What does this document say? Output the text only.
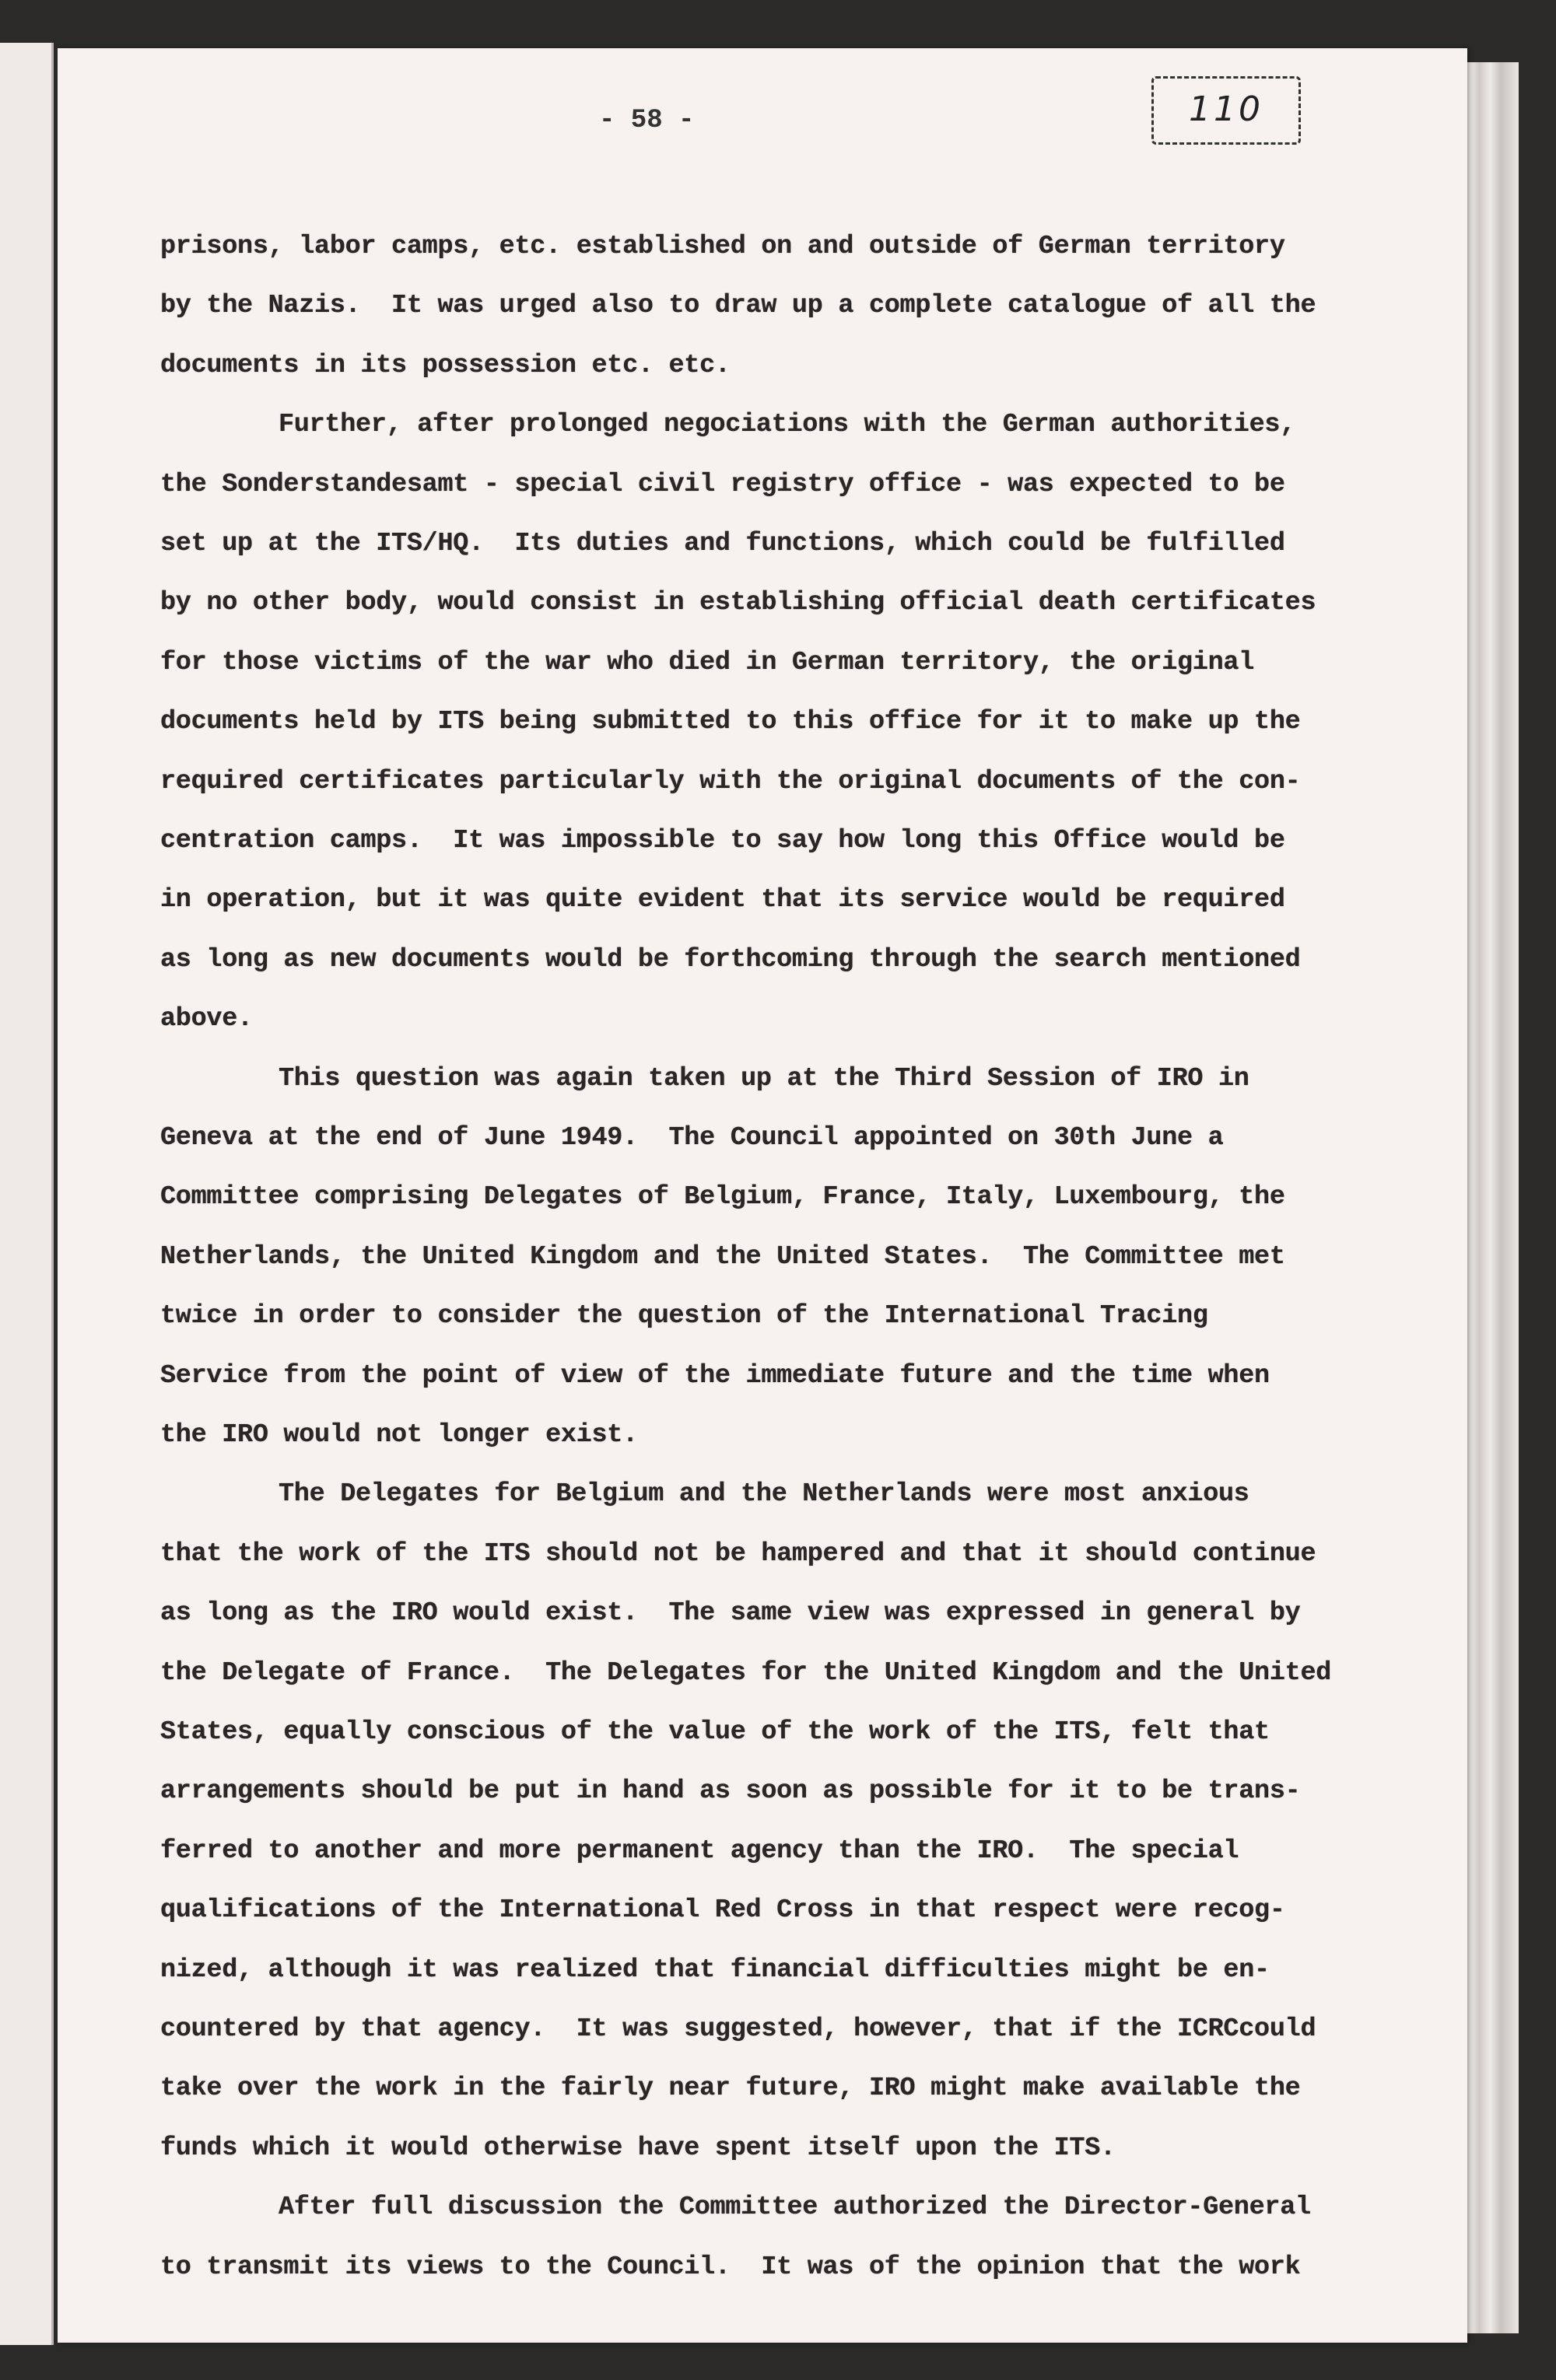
- 58 -	110
prisons, labor camps, etc. established on and outside of German territory
by the Nazis.  It was urged also to draw up a complete catalogue of all the
documents in its possession etc. etc.
Further, after prolonged negociations with the German authorities,
the Sonderstandesamt - special civil registry office - was expected to be
set up at the ITS/HQ.  Its duties and functions, which could be fulfilled
by no other body, would consist in establishing official death certificates
for those victims of the war who died in German territory, the original
documents held by ITS being submitted to this office for it to make up the
required certificates particularly with the original documents of the con-
centration camps.  It was impossible to say how long this Office would be
in operation, but it was quite evident that its service would be required
as long as new documents would be forthcoming through the search mentioned
above.
This question was again taken up at the Third Session of IRO in
Geneva at the end of June 1949.  The Council appointed on 30th June a
Committee comprising Delegates of Belgium, France, Italy, Luxembourg, the
Netherlands, the United Kingdom and the United States.  The Committee met
twice in order to consider the question of the International Tracing
Service from the point of view of the immediate future and the time when
the IRO would not longer exist.
The Delegates for Belgium and the Netherlands were most anxious
that the work of the ITS should not be hampered and that it should continue
as long as the IRO would exist.  The same view was expressed in general by
the Delegate of France.  The Delegates for the United Kingdom and the United
States, equally conscious of the value of the work of the ITS, felt that
arrangements should be put in hand as soon as possible for it to be trans-
ferred to another and more permanent agency than the IRO.  The special
qualifications of the International Red Cross in that respect were recog-
nized, although it was realized that financial difficulties might be en-
countered by that agency.  It was suggested, however, that if the ICRCcould
take over the work in the fairly near future, IRO might make available the
funds which it would otherwise have spent itself upon the ITS.
After full discussion the Committee authorized the Director-General
to transmit its views to the Council.  It was of the opinion that the work
